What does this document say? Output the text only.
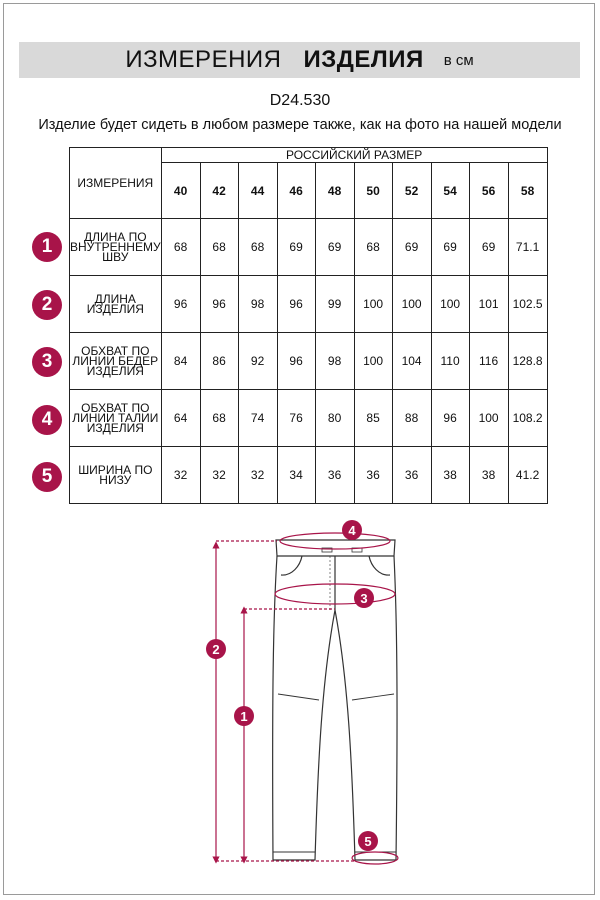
ИЗМЕРЕНИЯ ИЗДЕЛИЯ в см
D24.530
Изделие будет сидеть в любом размере также, как на фото на нашей модели
ИЗМЕРЕНИЯ	РОССИЙСКИЙ РАЗМЕР									
	40	42	44	46	48	50	52	54	56	58

ДЛИНА ПО
ВНУТРЕННЕМУ
ШВУ	68	68	68	69	69	68	69	69	69	71.1

ДЛИНА
ИЗДЕЛИЯ	96	96	98	96	99	100	100	100	101	102.5

ОБХВАТ ПО
ЛИНИИ БЕДЕР
ИЗДЕЛИЯ	84	86	92	96	98	100	104	110	116	128.8

ОБХВАТ ПО
ЛИНИИ ТАЛИИ
ИЗДЕЛИЯ	64	68	74	76	80	85	88	96	100	108.2

ШИРИНА ПО
НИЗУ	32	32	32	34	36	36	36	38	38	41.2
1
2
3
4
5
4
3
2
1
5
